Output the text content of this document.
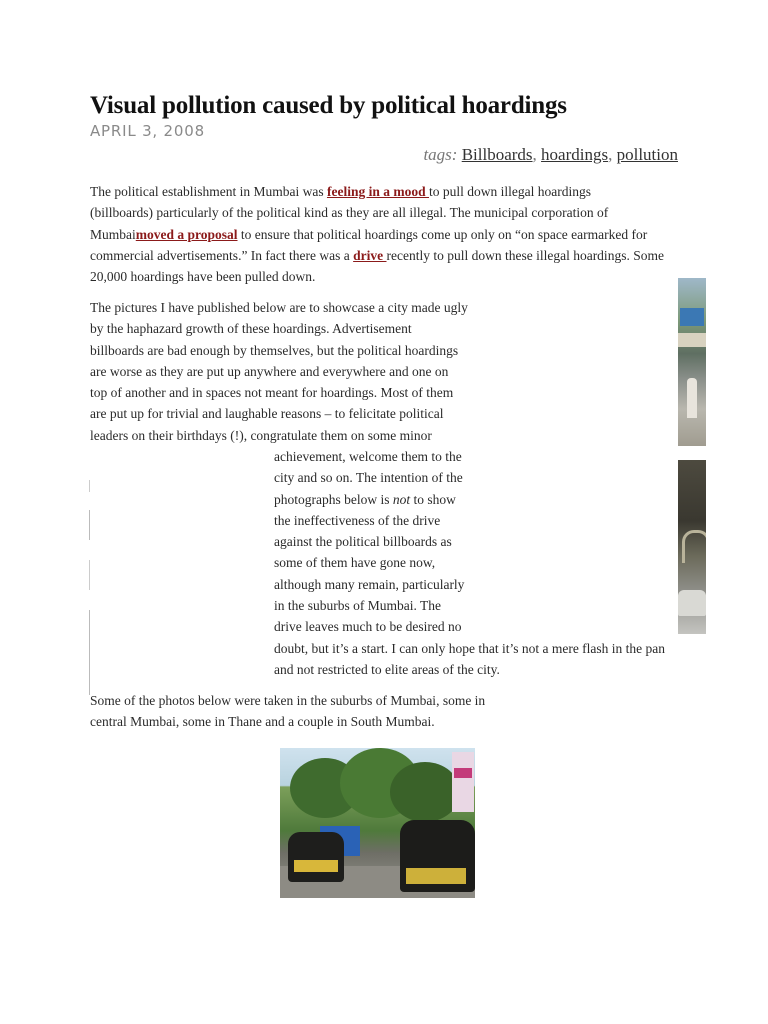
Visual pollution caused by political hoardings
APRIL 3, 2008
tags: Billboards, hoardings, pollution

The political establishment in Mumbai was feeling in a mood to pull down illegal hoardings
(billboards) particularly of the political kind as they are all illegal. The municipal corporation of
Mumbaimoved a proposal to ensure that political hoardings come up only on “on space earmarked for
commercial advertisements.” In fact there was a drive recently to pull down these illegal hoardings. Some
20,000 hoardings have been pulled down.

The pictures I have published below are to showcase a city made ugly
by the haphazard growth of these hoardings. Advertisement
billboards are bad enough by themselves, but the political hoardings
are worse as they are put up anywhere and everywhere and one on
top of another and in spaces not meant for hoardings. Most of them
are put up for trivial and laughable reasons – to felicitate political
leaders on their birthdays (!), congratulate them on some minor

achievement, welcome them to the
city and so on. The intention of the
photographs below is not to show
the ineffectiveness of the drive
against the political billboards as
some of them have gone now,
although many remain, particularly
in the suburbs of Mumbai. The
drive leaves much to be desired no
doubt, but it’s a start. I can only hope that it’s not a mere flash in the pan
and not restricted to elite areas of the city.

Some of the photos below were taken in the suburbs of Mumbai, some in
central Mumbai, some in Thane and a couple in South Mumbai.
